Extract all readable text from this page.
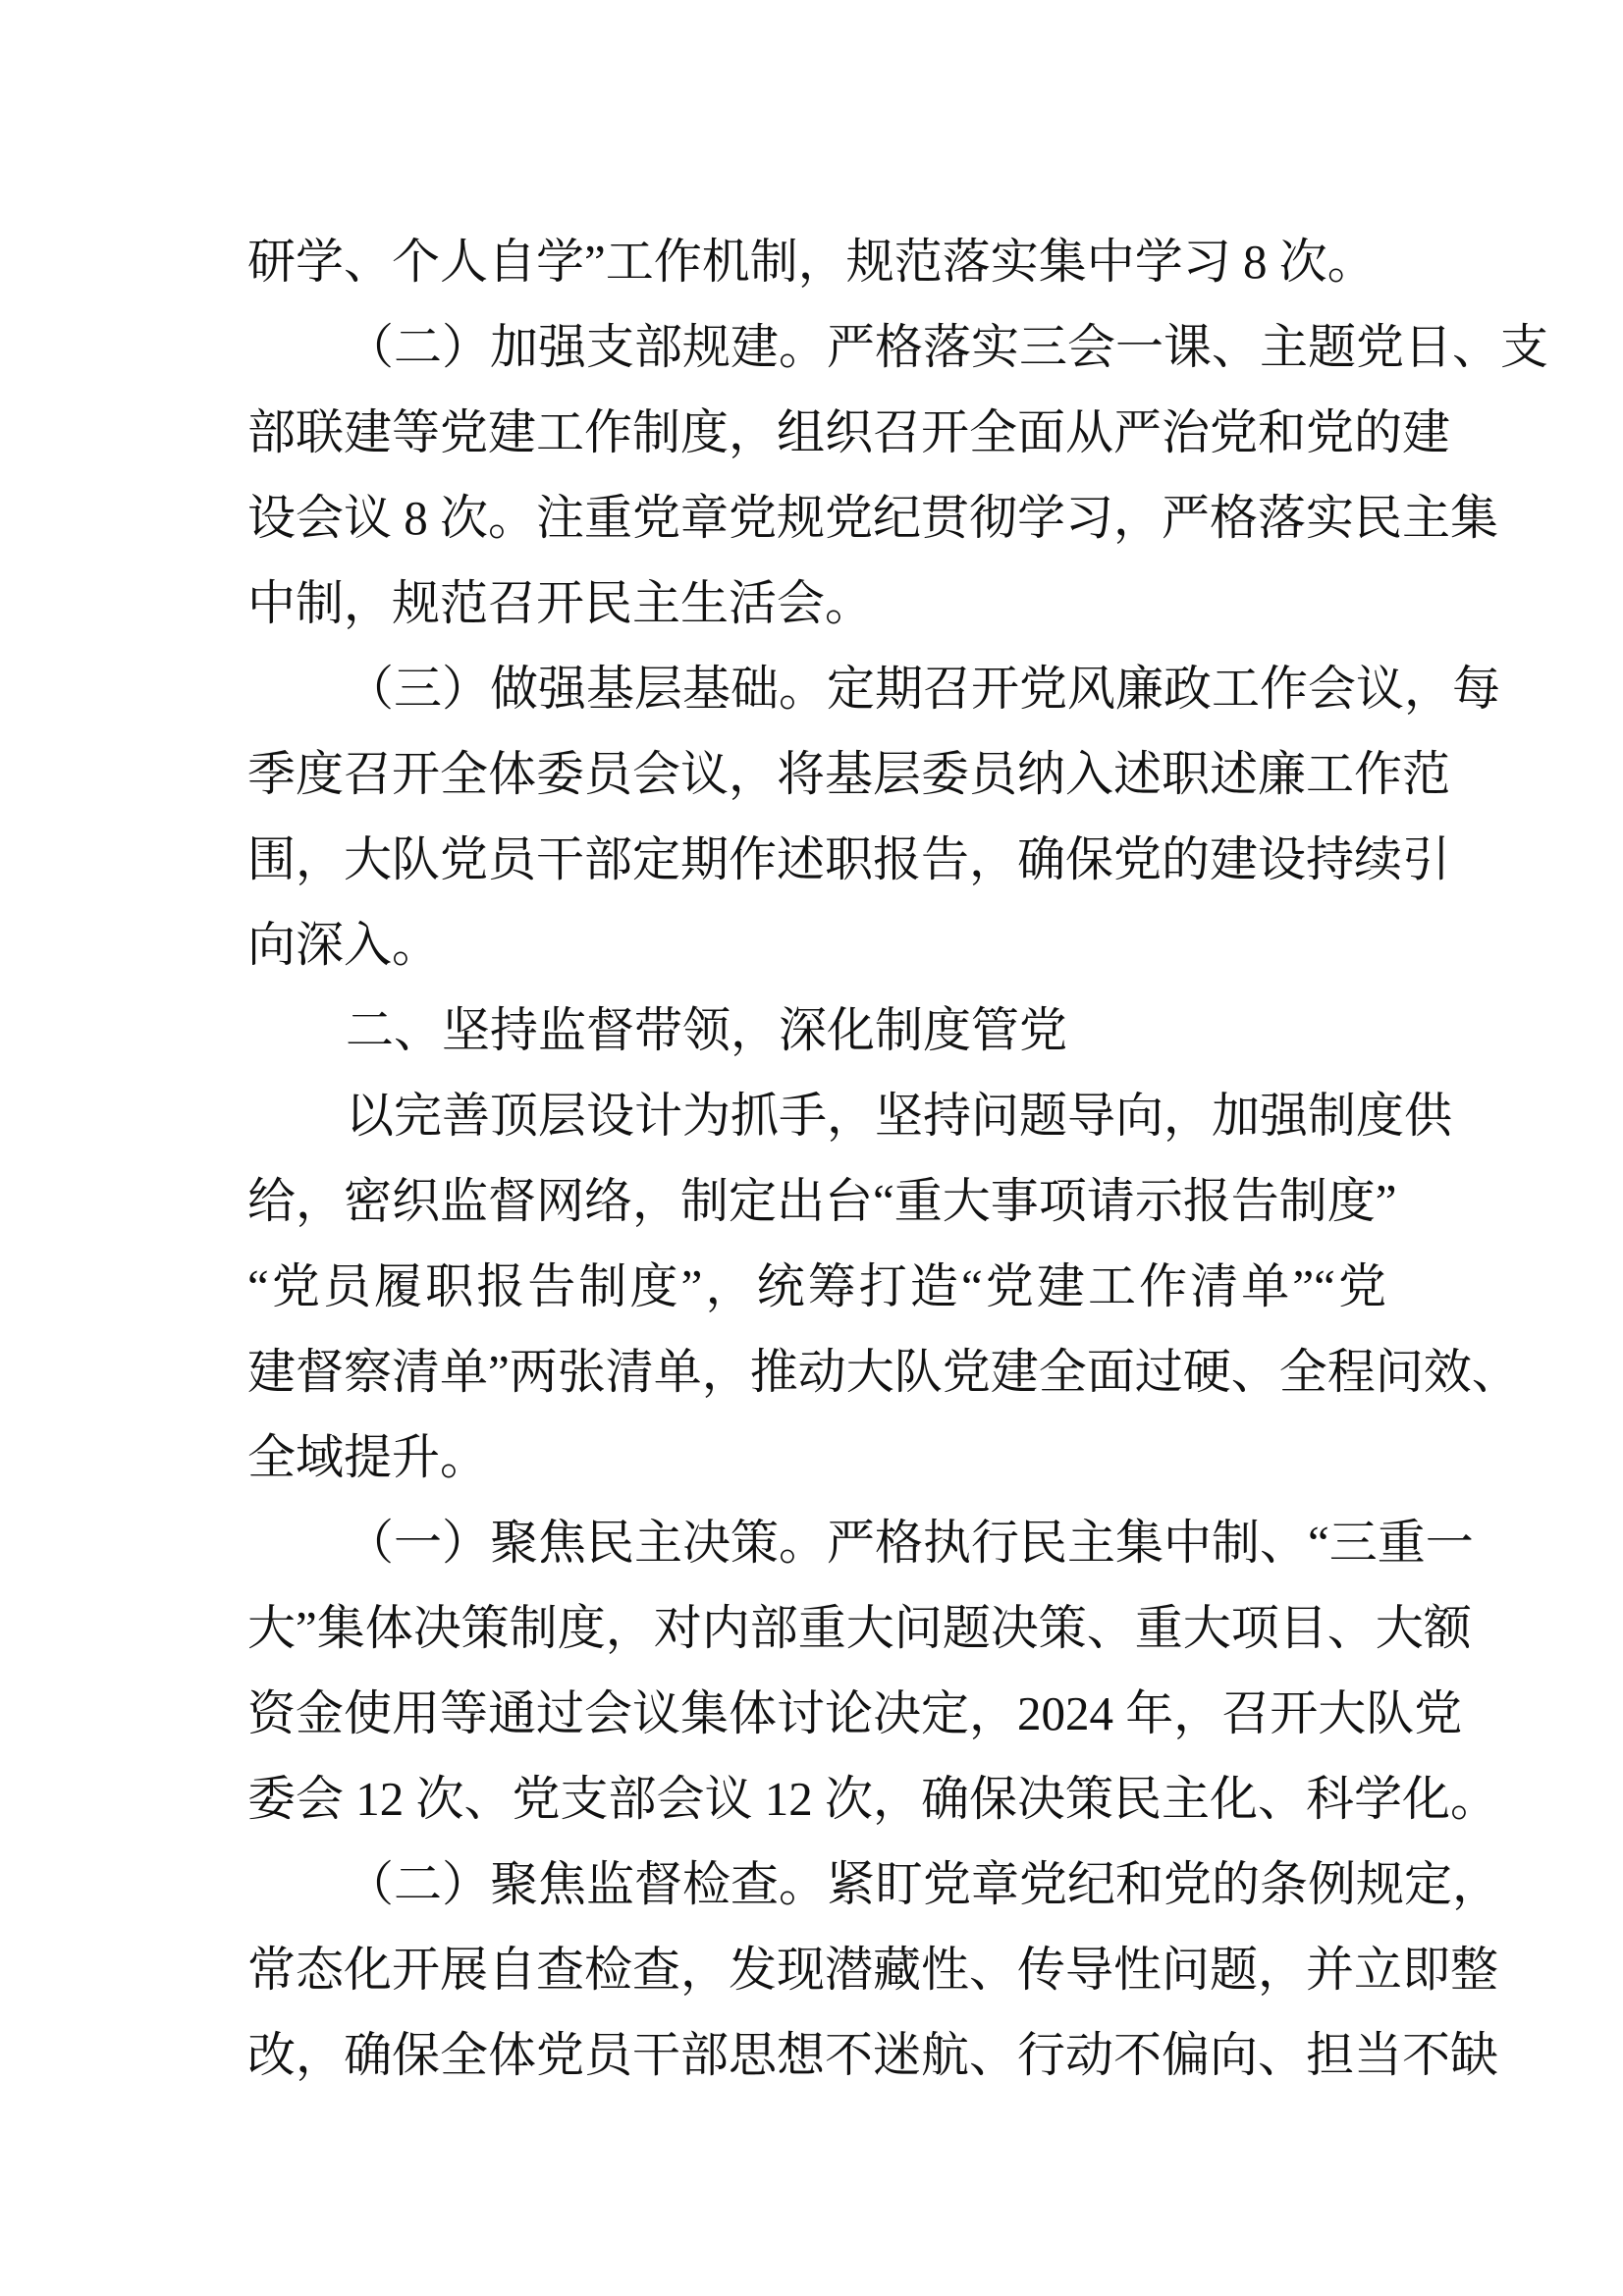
研学、个人自学”工作机制，规范落实集中学习 8 次。
（二）加强支部规建。严格落实三会一课、主题党日、支
部联建等党建工作制度，组织召开全面从严治党和党的建
设会议 8 次。注重党章党规党纪贯彻学习，严格落实民主集
中制，规范召开民主生活会。
（三）做强基层基础。定期召开党风廉政工作会议，每
季度召开全体委员会议，将基层委员纳入述职述廉工作范
围，大队党员干部定期作述职报告，确保党的建设持续引
向深入。
二、坚持监督带领，深化制度管党
以完善顶层设计为抓手，坚持问题导向，加强制度供
给，密织监督网络，制定出台“重大事项请示报告制度”
“党员履职报告制度”，统筹打造“党建工作清单”“党
建督察清单”两张清单，推动大队党建全面过硬、全程问效、
全域提升。
（一）聚焦民主决策。严格执行民主集中制、“三重一
大”集体决策制度，对内部重大问题决策、重大项目、大额
资金使用等通过会议集体讨论决定，2024 年，召开大队党
委会 12 次、党支部会议 12 次，确保决策民主化、科学化。
（二）聚焦监督检查。紧盯党章党纪和党的条例规定，
常态化开展自查检查，发现潜藏性、传导性问题，并立即整
改，确保全体党员干部思想不迷航、行动不偏向、担当不缺
